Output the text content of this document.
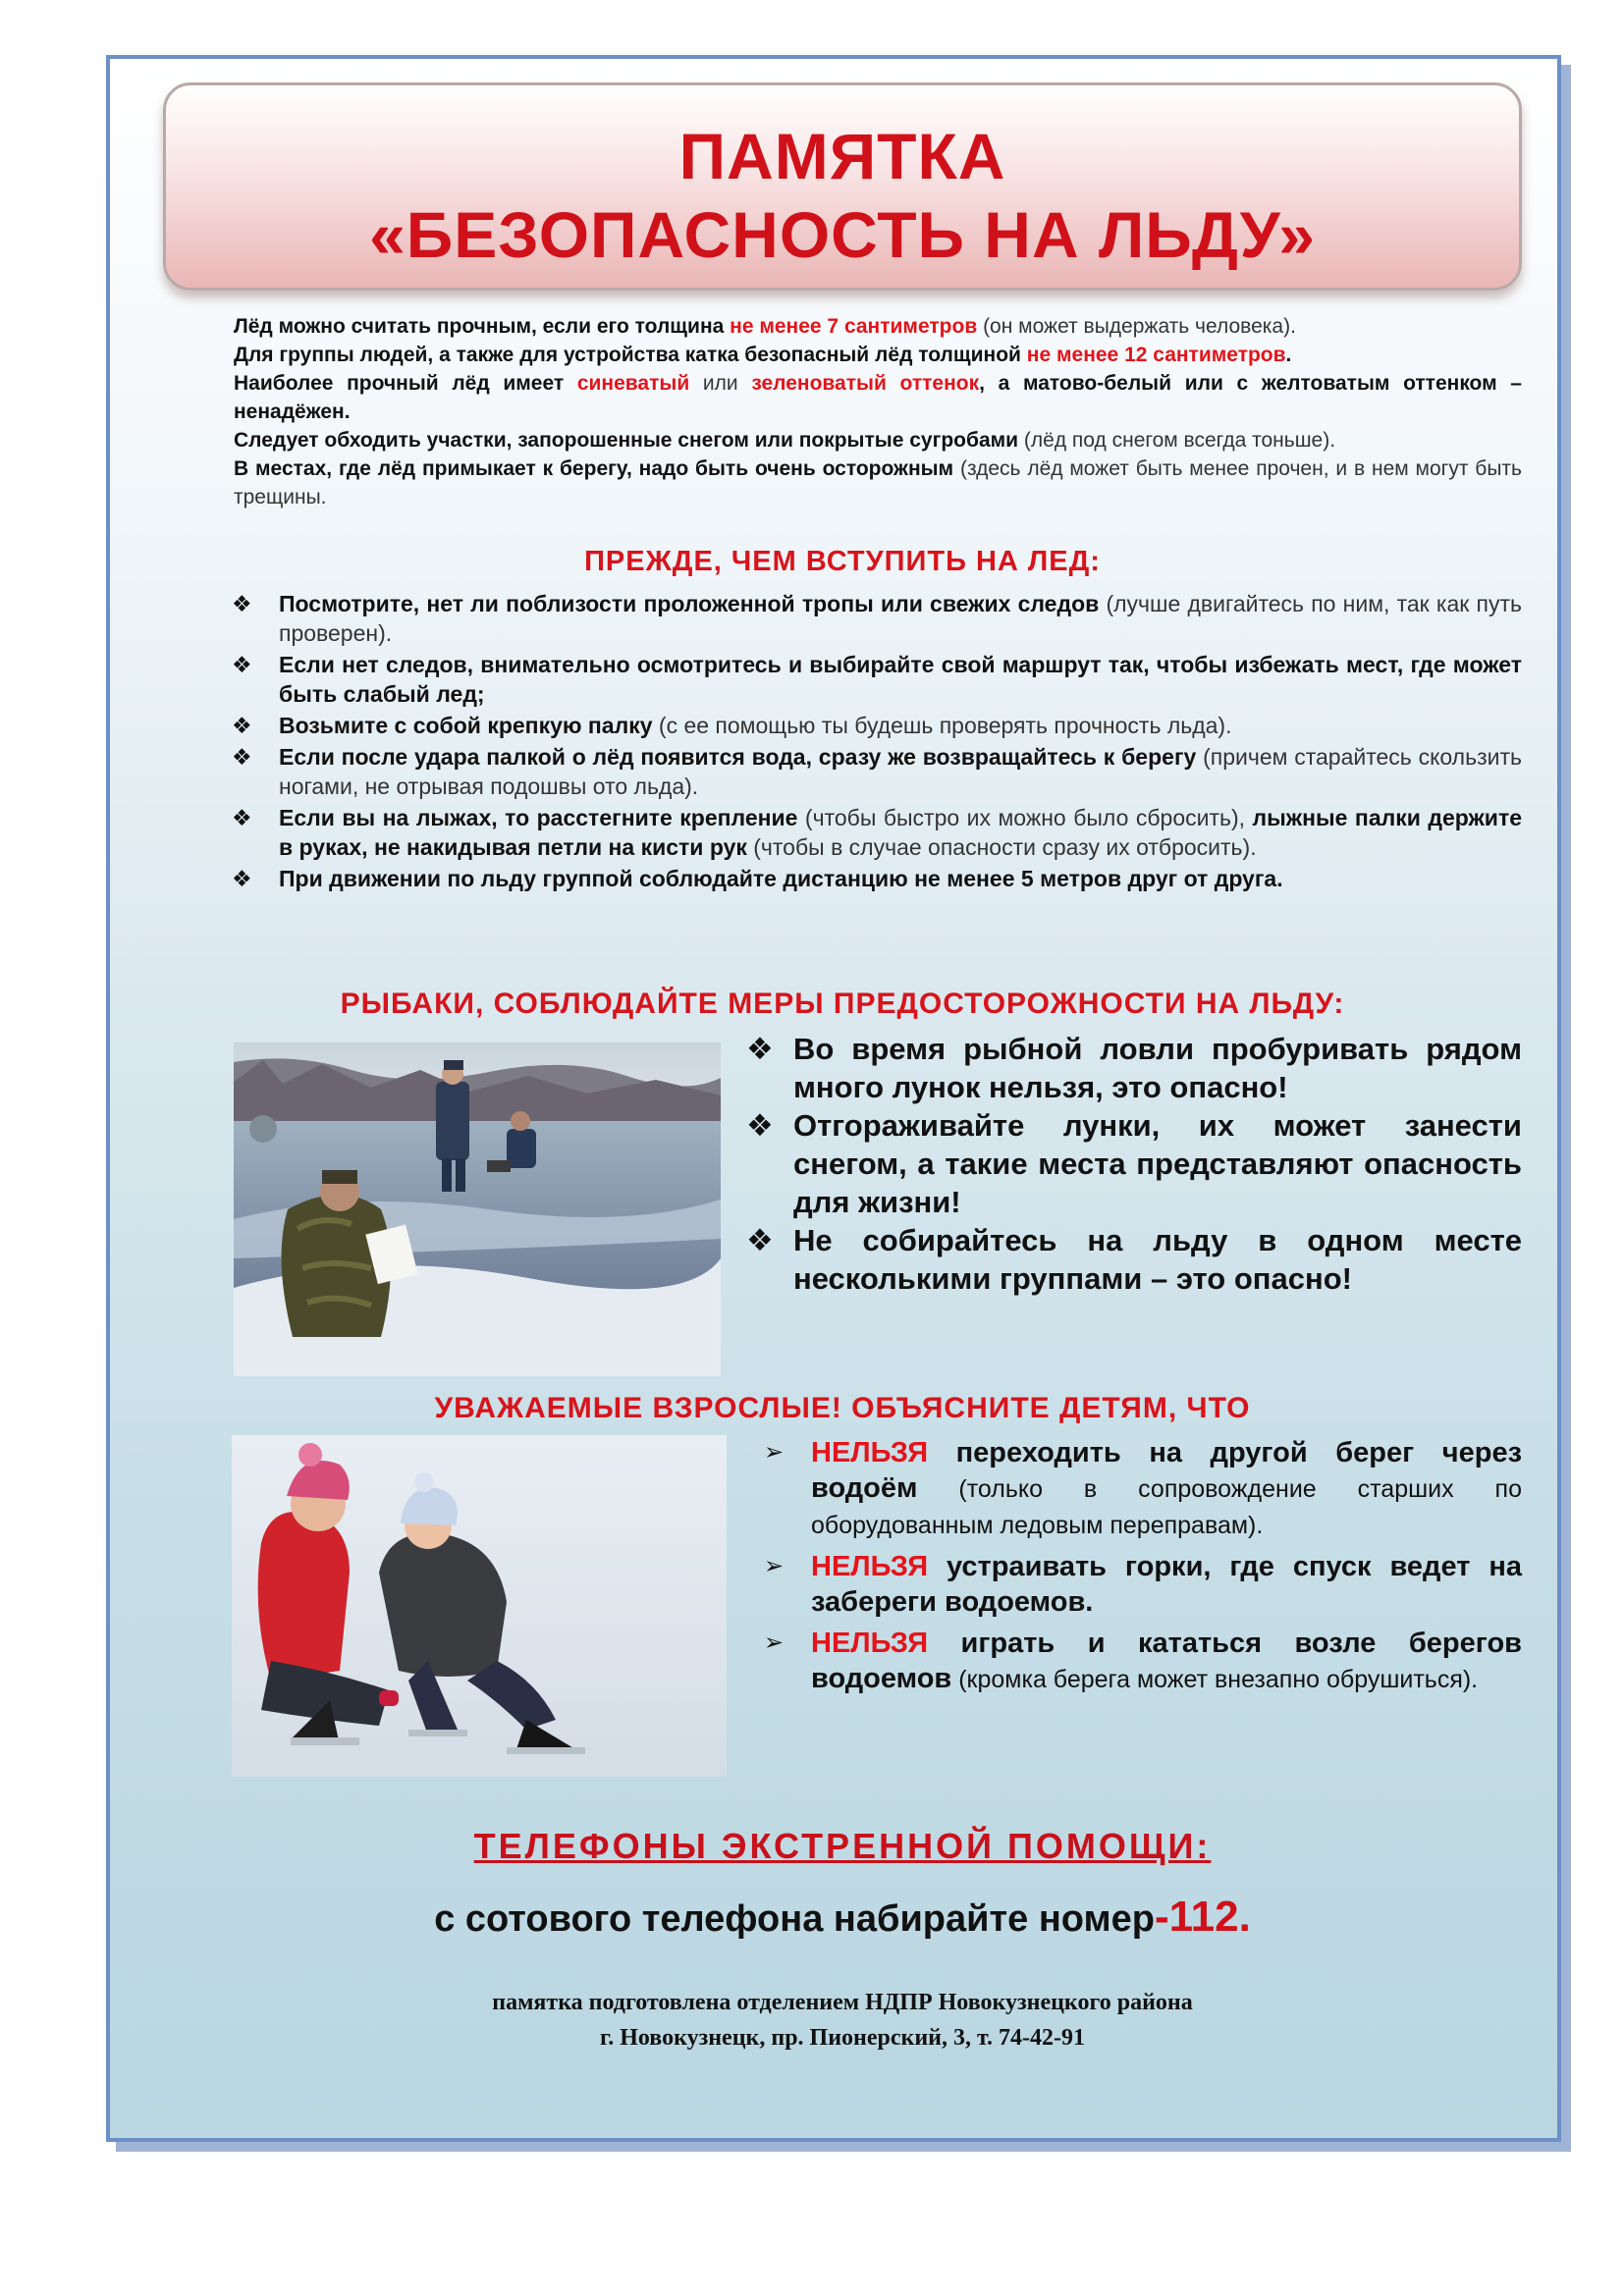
ПАМЯТКА
«БЕЗОПАСНОСТЬ НА ЛЬДУ»

Лёд можно считать прочным, если его толщина не менее 7 сантиметров (он может выдержать человека).

Для группы людей, а также для устройства катка безопасный лёд толщиной не менее 12 сантиметров.

Наиболее прочный лёд имеет синеватый или зеленоватый оттенок, а матово-белый или с желтоватым оттенком – ненадёжен.

Следует обходить участки, запорошенные снегом или покрытые сугробами (лёд под снегом всегда тоньше).

В местах, где лёд примыкает к берегу, надо быть очень осторожным (здесь лёд может быть менее прочен, и в нем могут быть трещины.

ПРЕЖДЕ, ЧЕМ ВСТУПИТЬ НА ЛЕД:
❖ Посмотрите, нет ли поблизости проложенной тропы или свежих следов (лучше двигайтесь по ним, так как путь проверен).
❖ Если нет следов, внимательно осмотритесь и выбирайте свой маршрут так, чтобы избежать мест, где может быть слабый лед;
❖ Возьмите с собой крепкую палку (с ее помощью ты будешь проверять прочность льда).
❖ Если после удара палкой о лёд появится вода, сразу же возвращайтесь к берегу (причем старайтесь скользить ногами, не отрывая подошвы ото льда).
❖ Если вы на лыжах, то расстегните крепление (чтобы быстро их можно было сбросить), лыжные палки держите в руках, не накидывая петли на кисти рук (чтобы в случае опасности сразу их отбросить).
❖ При движении по льду группой соблюдайте дистанцию не менее 5 метров друг от друга.
РЫБАКИ, СОБЛЮДАЙТЕ МЕРЫ ПРЕДОСТОРОЖНОСТИ НА ЛЬДУ:
❖ Во время рыбной ловли пробуривать рядом много лунок нельзя, это опасно!
❖ Отгораживайте лунки, их может занести снегом, а такие места представляют опасность для жизни!
❖ Не собирайтесь на льду в одном месте несколькими группами – это опасно!
УВАЖАЕМЫЕ ВЗРОСЛЫЕ! ОБЪЯСНИТЕ ДЕТЯМ, ЧТО
➢ НЕЛЬЗЯ переходить на другой берег через водоём (только в сопровождение старших по оборудованным ледовым переправам).
➢ НЕЛЬЗЯ устраивать горки, где спуск ведет на забереги водоемов.
➢ НЕЛЬЗЯ играть и кататься возле берегов водоемов (кромка берега может внезапно обрушиться).
ТЕЛЕФОНЫ ЭКСТРЕННОЙ ПОМОЩИ:
с сотового телефона набирайте номер-112.
памятка подготовлена отделением НДПР Новокузнецкого района
г. Новокузнецк, пр. Пионерский, 3, т. 74-42-91
